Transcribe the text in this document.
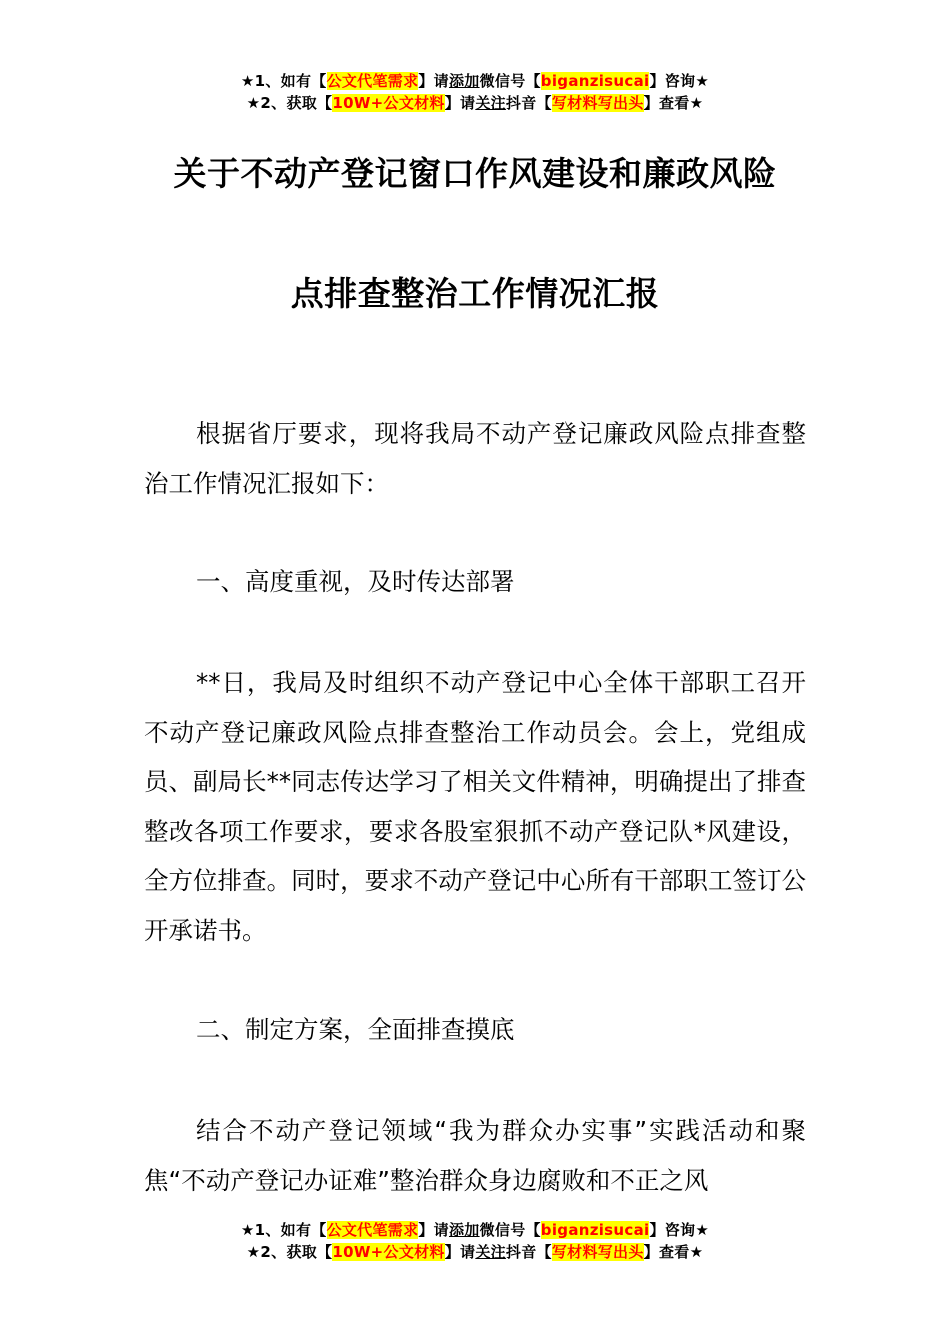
★1、如有【公文代笔需求】请添加微信号【biganzisucai】咨询★
★2、获取【10W+公文材料】请关注抖音【写材料写出头】查看★
关于不动产登记窗口作风建设和廉政风险
点排查整治工作情况汇报

根据省厅要求，现将我局不动产登记廉政风险点排查整治工作情况汇报如下：

一、高度重视，及时传达部署

**日，我局及时组织不动产登记中心全体干部职工召开不动产登记廉政风险点排查整治工作动员会。会上，党组成员、副局长**同志传达学习了相关文件精神，明确提出了排查整改各项工作要求，要求各股室狠抓不动产登记队*风建设，全方位排查。同时，要求不动产登记中心所有干部职工签订公开承诺书。

二、制定方案，全面排查摸底

结合不动产登记领域“我为群众办实事”实践活动和聚焦“不动产登记办证难”整治群众身边腐败和不正之风

★1、如有【公文代笔需求】请添加微信号【biganzisucai】咨询★
★2、获取【10W+公文材料】请关注抖音【写材料写出头】查看★
